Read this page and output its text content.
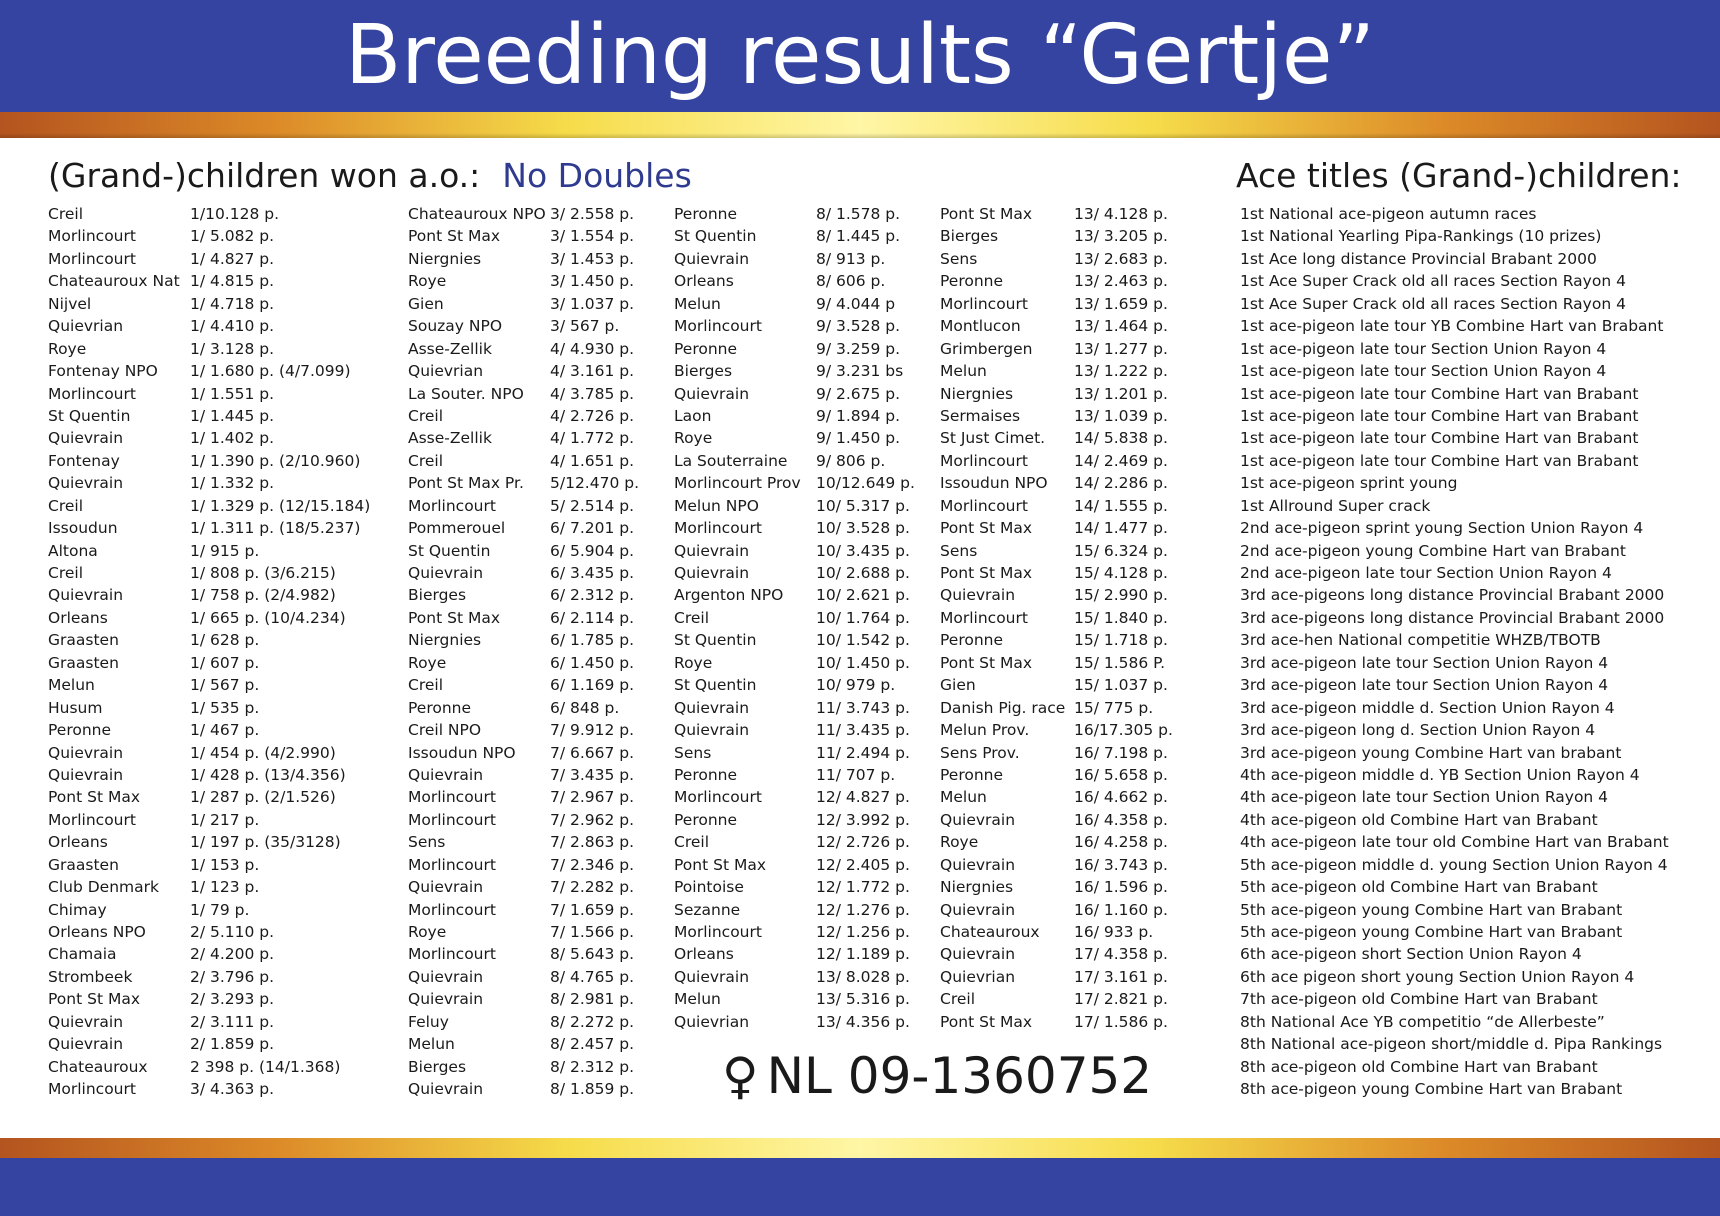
Breeding results “Gertje”
(Grand-)children won a.o.: No Doubles	Ace titles (Grand-)children:
Creil	1/10.128 p.
Morlincourt	1/ 5.082 p.
Morlincourt	1/ 4.827 p.
Chateauroux Nat 1/ 4.815 p.
Nijvel	1/ 4.718 p.
Quievrian	1/ 4.410 p.
Roye	1/ 3.128 p.
Fontenay NPO 1/ 1.680 p. (4/7.099)
Morlincourt	1/ 1.551 p.
St Quentin	1/ 1.445 p.
Quievrain	1/ 1.402 p.
Fontenay	1/ 1.390 p. (2/10.960)
Quievrain	1/ 1.332 p.
Creil	1/ 1.329 p. (12/15.184)
Issoudun	1/ 1.311 p. (18/5.237)
Altona	1/ 915 p.
Creil	1/ 808 p. (3/6.215)
Quievrain	1/ 758 p. (2/4.982)
Orleans	1/ 665 p. (10/4.234)
Graasten	1/ 628 p.
Graasten	1/ 607 p.
Melun	1/ 567 p.
Husum	1/ 535 p.
Peronne	1/ 467 p.
Quievrain	1/ 454 p. (4/2.990)
Quievrain	1/ 428 p. (13/4.356)
Pont St Max	1/ 287 p. (2/1.526)
Morlincourt	1/ 217 p.
Orleans	1/ 197 p. (35/3128)
Graasten	1/ 153 p.
Club Denmark 1/ 123 p.
Chimay	1/ 79 p.
Orleans NPO	2/ 5.110 p.
Chamaia	2/ 4.200 p.
Strombeek	2/ 3.796 p.
Pont St Max	2/ 3.293 p.
Quievrain	2/ 3.111 p.
Quievrain	2/ 1.859 p.
Chateauroux	2 398 p. (14/1.368)
Morlincourt	3/ 4.363 p.
Chateauroux NPO 3/ 2.558 p.
Pont St Max	3/ 1.554 p.
Niergnies	3/ 1.453 p.
Roye	3/ 1.450 p.
Gien	3/ 1.037 p.
Souzay NPO	3/ 567 p.
Asse-Zellik	4/ 4.930 p.
Quievrian	4/ 3.161 p.
La Souter. NPO 4/ 3.785 p.
Creil	4/ 2.726 p.
Asse-Zellik	4/ 1.772 p.
Creil	4/ 1.651 p.
Pont St Max Pr. 5/12.470 p.
Morlincourt	5/ 2.514 p.
Pommerouel	6/ 7.201 p.
St Quentin	6/ 5.904 p.
Quievrain	6/ 3.435 p.
Bierges	6/ 2.312 p.
Pont St Max	6/ 2.114 p.
Niergnies	6/ 1.785 p.
Roye	6/ 1.450 p.
Creil	6/ 1.169 p.
Peronne	6/ 848 p.
Creil NPO	7/ 9.912 p.
Issoudun NPO 7/ 6.667 p.
Quievrain	7/ 3.435 p.
Morlincourt	7/ 2.967 p.
Morlincourt	7/ 2.962 p.
Sens	7/ 2.863 p.
Morlincourt	7/ 2.346 p.
Quievrain	7/ 2.282 p.
Morlincourt	7/ 1.659 p.
Roye	7/ 1.566 p.
Morlincourt	8/ 5.643 p.
Quievrain	8/ 4.765 p.
Quievrain	8/ 2.981 p.
Feluy	8/ 2.272 p.
Melun	8/ 2.457 p.
Bierges	8/ 2.312 p.
Quievrain	8/ 1.859 p.
Peronne	8/ 1.578 p.
St Quentin	8/ 1.445 p.
Quievrain	8/ 913 p.
Orleans	8/ 606 p.
Melun	9/ 4.044 p
Morlincourt	9/ 3.528 p.
Peronne	9/ 3.259 p.
Bierges	9/ 3.231 bs
Quievrain	9/ 2.675 p.
Laon	9/ 1.894 p.
Roye	9/ 1.450 p.
La Souterraine 9/ 806 p.
Morlincourt Prov 10/12.649 p.
Melun NPO	10/ 5.317 p.
Morlincourt	10/ 3.528 p.
Quievrain	10/ 3.435 p.
Quievrain	10/ 2.688 p.
Argenton NPO 10/ 2.621 p.
Creil	10/ 1.764 p.
St Quentin	10/ 1.542 p.
Roye	10/ 1.450 p.
St Quentin	10/ 979 p.
Quievrain	11/ 3.743 p.
Quievrain	11/ 3.435 p.
Sens	11/ 2.494 p.
Peronne	11/ 707 p.
Morlincourt	12/ 4.827 p.
Peronne	12/ 3.992 p.
Creil	12/ 2.726 p.
Pont St Max	12/ 2.405 p.
Pointoise	12/ 1.772 p.
Sezanne	12/ 1.276 p.
Morlincourt	12/ 1.256 p.
Orleans	12/ 1.189 p.
Quievrain	13/ 8.028 p.
Melun	13/ 5.316 p.
Quievrian	13/ 4.356 p.
Pont St Max	13/ 4.128 p.
Bierges	13/ 3.205 p.
Sens	13/ 2.683 p.
Peronne	13/ 2.463 p.
Morlincourt	13/ 1.659 p.
Montlucon	13/ 1.464 p.
Grimbergen	13/ 1.277 p.
Melun	13/ 1.222 p.
Niergnies	13/ 1.201 p.
Sermaises	13/ 1.039 p.
St Just Cimet. 14/ 5.838 p.
Morlincourt	14/ 2.469 p.
Issoudun NPO 14/ 2.286 p.
Morlincourt	14/ 1.555 p.
Pont St Max	14/ 1.477 p.
Sens	15/ 6.324 p.
Pont St Max	15/ 4.128 p.
Quievrain	15/ 2.990 p.
Morlincourt	15/ 1.840 p.
Peronne	15/ 1.718 p.
Pont St Max	15/ 1.586 P.
Gien	15/ 1.037 p.
Danish Pig. race 15/ 775 p.
Melun Prov.	16/17.305 p.
Sens Prov.	16/ 7.198 p.
Peronne	16/ 5.658 p.
Melun	16/ 4.662 p.
Quievrain	16/ 4.358 p.
Roye	16/ 4.258 p.
Quievrain	16/ 3.743 p.
Niergnies	16/ 1.596 p.
Quievrain	16/ 1.160 p.
Chateauroux 16/ 933 p.
Quievrain	17/ 4.358 p.
Quievrian	17/ 3.161 p.
Creil	17/ 2.821 p.
Pont St Max	17/ 1.586 p.
1st National ace-pigeon autumn races
1st National Yearling Pipa-Rankings (10 prizes)
1st Ace long distance Provincial Brabant 2000
1st Ace Super Crack old all races Section Rayon 4
1st Ace Super Crack old all races Section Rayon 4
1st ace-pigeon late tour YB Combine Hart van Brabant
1st ace-pigeon late tour Section Union Rayon 4
1st ace-pigeon late tour Section Union Rayon 4
1st ace-pigeon late tour Combine Hart van Brabant
1st ace-pigeon late tour Combine Hart van Brabant
1st ace-pigeon late tour Combine Hart van Brabant
1st ace-pigeon late tour Combine Hart van Brabant
1st ace-pigeon sprint young
1st Allround Super crack
2nd ace-pigeon sprint young Section Union Rayon 4
2nd ace-pigeon young Combine Hart van Brabant
2nd ace-pigeon late tour Section Union Rayon 4
3rd ace-pigeons long distance Provincial Brabant 2000
3rd ace-pigeons long distance Provincial Brabant 2000
3rd ace-hen National competitie WHZB/TBOTB
3rd ace-pigeon late tour Section Union Rayon 4
3rd ace-pigeon late tour Section Union Rayon 4
3rd ace-pigeon middle d. Section Union Rayon 4
3rd ace-pigeon long d. Section Union Rayon 4
3rd ace-pigeon young Combine Hart van brabant
4th ace-pigeon middle d. YB Section Union Rayon 4
4th ace-pigeon late tour Section Union Rayon 4
4th ace-pigeon old Combine Hart van Brabant
4th ace-pigeon late tour old Combine Hart van Brabant
5th ace-pigeon middle d. young Section Union Rayon 4
5th ace-pigeon old Combine Hart van Brabant
5th ace-pigeon young Combine Hart van Brabant
5th ace-pigeon young Combine Hart van Brabant
6th ace-pigeon short Section Union Rayon 4
6th ace pigeon short young Section Union Rayon 4
7th ace-pigeon old Combine Hart van Brabant
8th National Ace YB competitio “de Allerbeste”
8th National ace-pigeon short/middle d. Pipa Rankings
8th ace-pigeon old Combine Hart van Brabant
8th ace-pigeon young Combine Hart van Brabant
♀ NL 09-1360752
